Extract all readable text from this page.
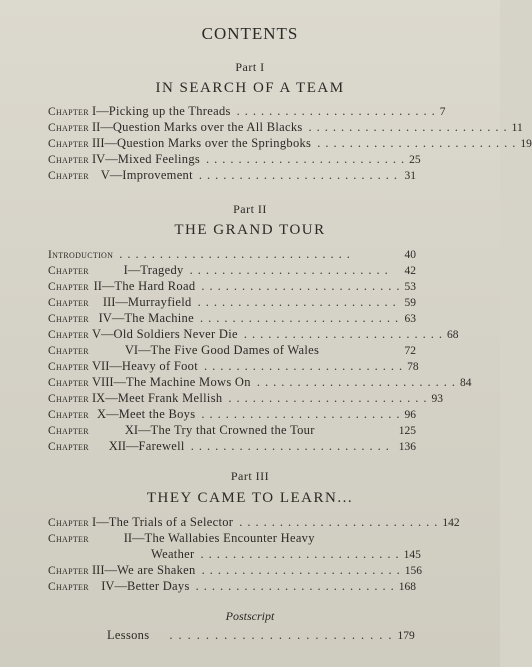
CONTENTS
Part I
IN SEARCH OF A TEAM
Chapter
I — Picking up the Threads ......................... 7
Chapter
II — Question Marks over the All Blacks ......................... 11
Chapter
III — Question Marks over the Springboks ......................... 19
Chapter
IV — Mixed Feelings ......................... 25
Chapter
V — Improvement ......................... 31
Part II
THE GRAND TOUR
Introduction .............................	40
Chapter
	I — Tragedy .........................	42
Chapter
II — The Hard Road ......................... 53
Chapter
	III — Murrayfield ......................... 59
Chapter
IV — The Machine ......................... 63
Chapter
V — Old Soldiers Never Die ......................... 68
Chapter
	VI — The Five Good Dames of Wales	72
Chapter
VII — Heavy of Foot ......................... 78
Chapter
VIII — The Machine Mows On ......................... 84
Chapter
IX — Meet Frank Mellish ......................... 93
Chapter
X — Meet the Boys ......................... 96
Chapter
	XI — The Try that Crowned the Tour	125
Chapter
	XII — Farewell ......................... 136
Part III
THEY CAME TO LEARN...
Chapter
I — The Trials of a Selector ......................... 142
Chapter
	II — The Wallabies Encounter Heavy
Weather ......................... 145
Chapter
III — We are Shaken ......................... 156
Chapter
IV — Better Days ......................... 168
Postscript
Lessons	......................... 179
